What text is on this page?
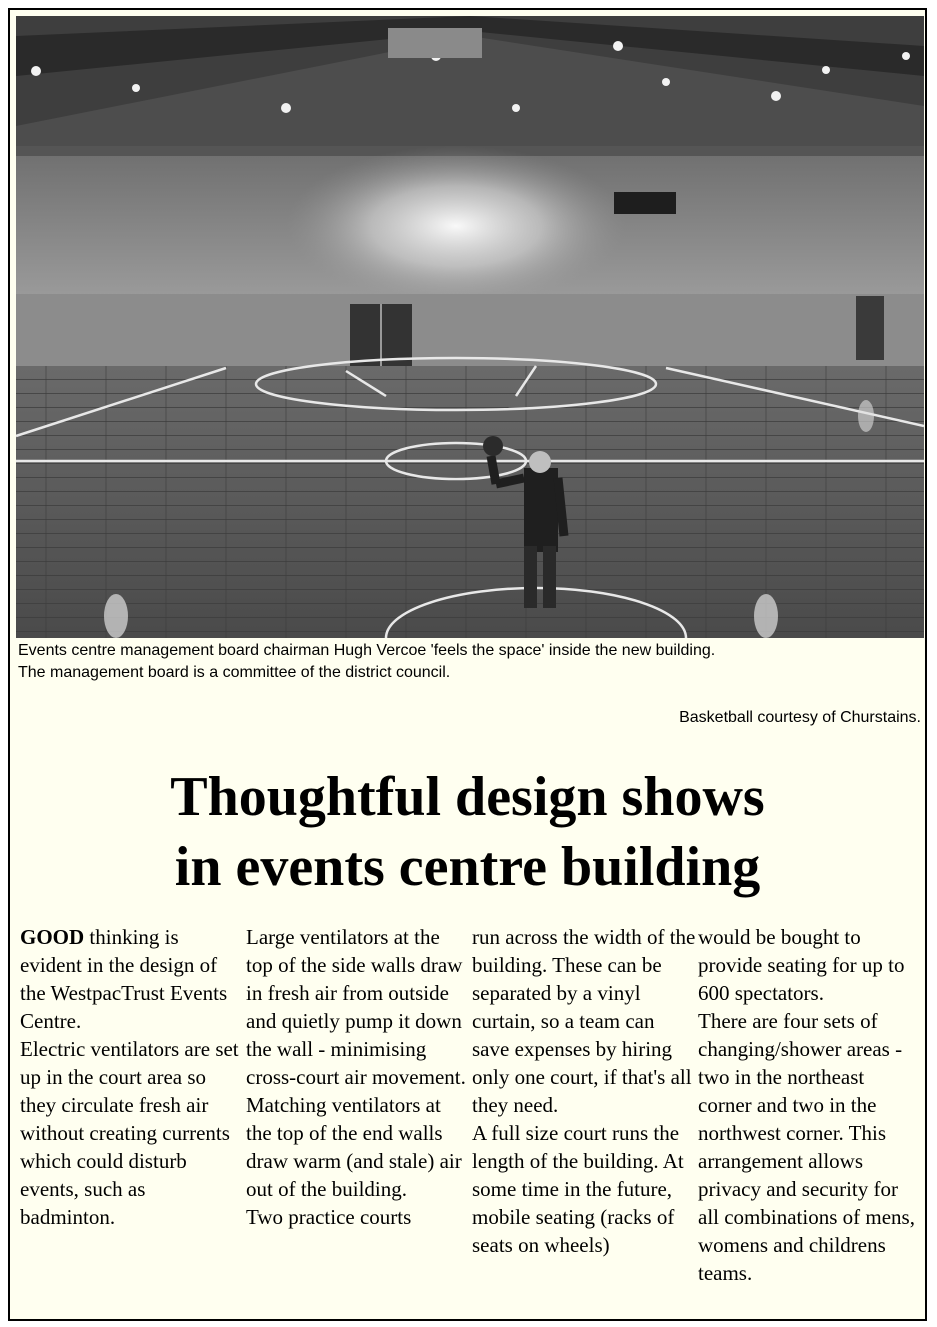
Events centre management board chairman Hugh Vercoe 'feels the space' inside the new building.
The management board is a committee of the district council.
Basketball courtesy of Churstains.
Thoughtful design shows
in events centre building

GOOD thinking is evident in the design of the WestpacTrust Events Centre.

Electric ventilators are set up in the court area so they circulate fresh air without creating currents which could disturb events, such as badminton.

Large ventilators at the top of the side walls draw in fresh air from outside and quietly pump it down the wall - minimising cross-court air movement.

Matching ventilators at the top of the end walls draw warm (and stale) air out of the building.

Two practice courts

run across the width of the building. These can be separated by a vinyl curtain, so a team can save expenses by hiring only one court, if that's all they need.

A full size court runs the length of the building. At some time in the future, mobile seating (racks of seats on wheels)

would be bought to provide seating for up to 600 spectators.

There are four sets of changing/shower areas - two in the northeast corner and two in the northwest corner. This arrangement allows privacy and security for all combinations of mens, womens and childrens teams.
